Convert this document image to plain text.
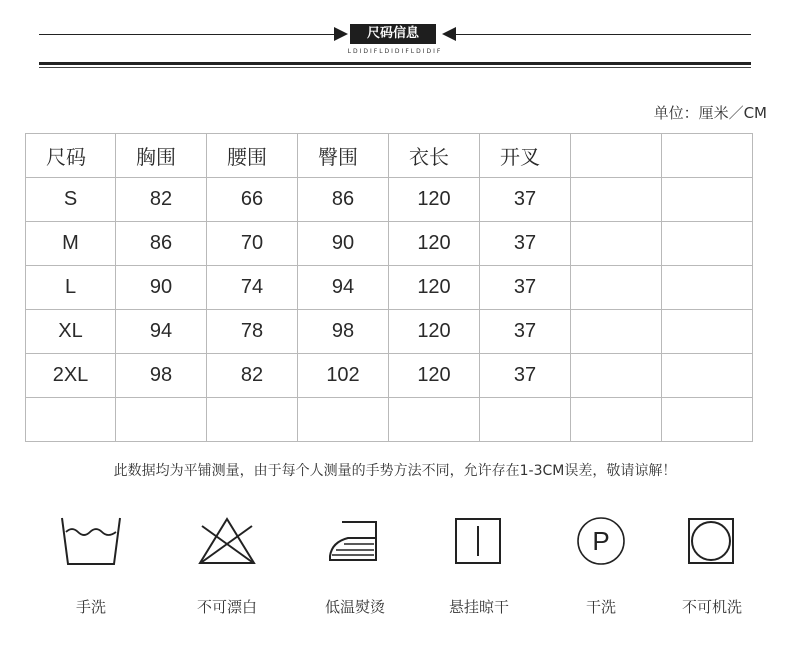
尺码信息
LDIDIFLDIDIFLDIDIF
单位：厘米／CM
尺码	胸围	腰围	臀围	衣长	开叉		
S	82	66	86	120	37		
M	86	70	90	120	37		
L	90	74	94	120	37		
XL	94	78	98	120	37		
2XL	98	82	102	120	37		

此数据均为平铺测量，由于每个人测量的手势方法不同，允许存在1-3CM误差，敬请谅解！
手洗	不可漂白	低温熨烫	悬挂晾干
P
干洗	不可机洗
